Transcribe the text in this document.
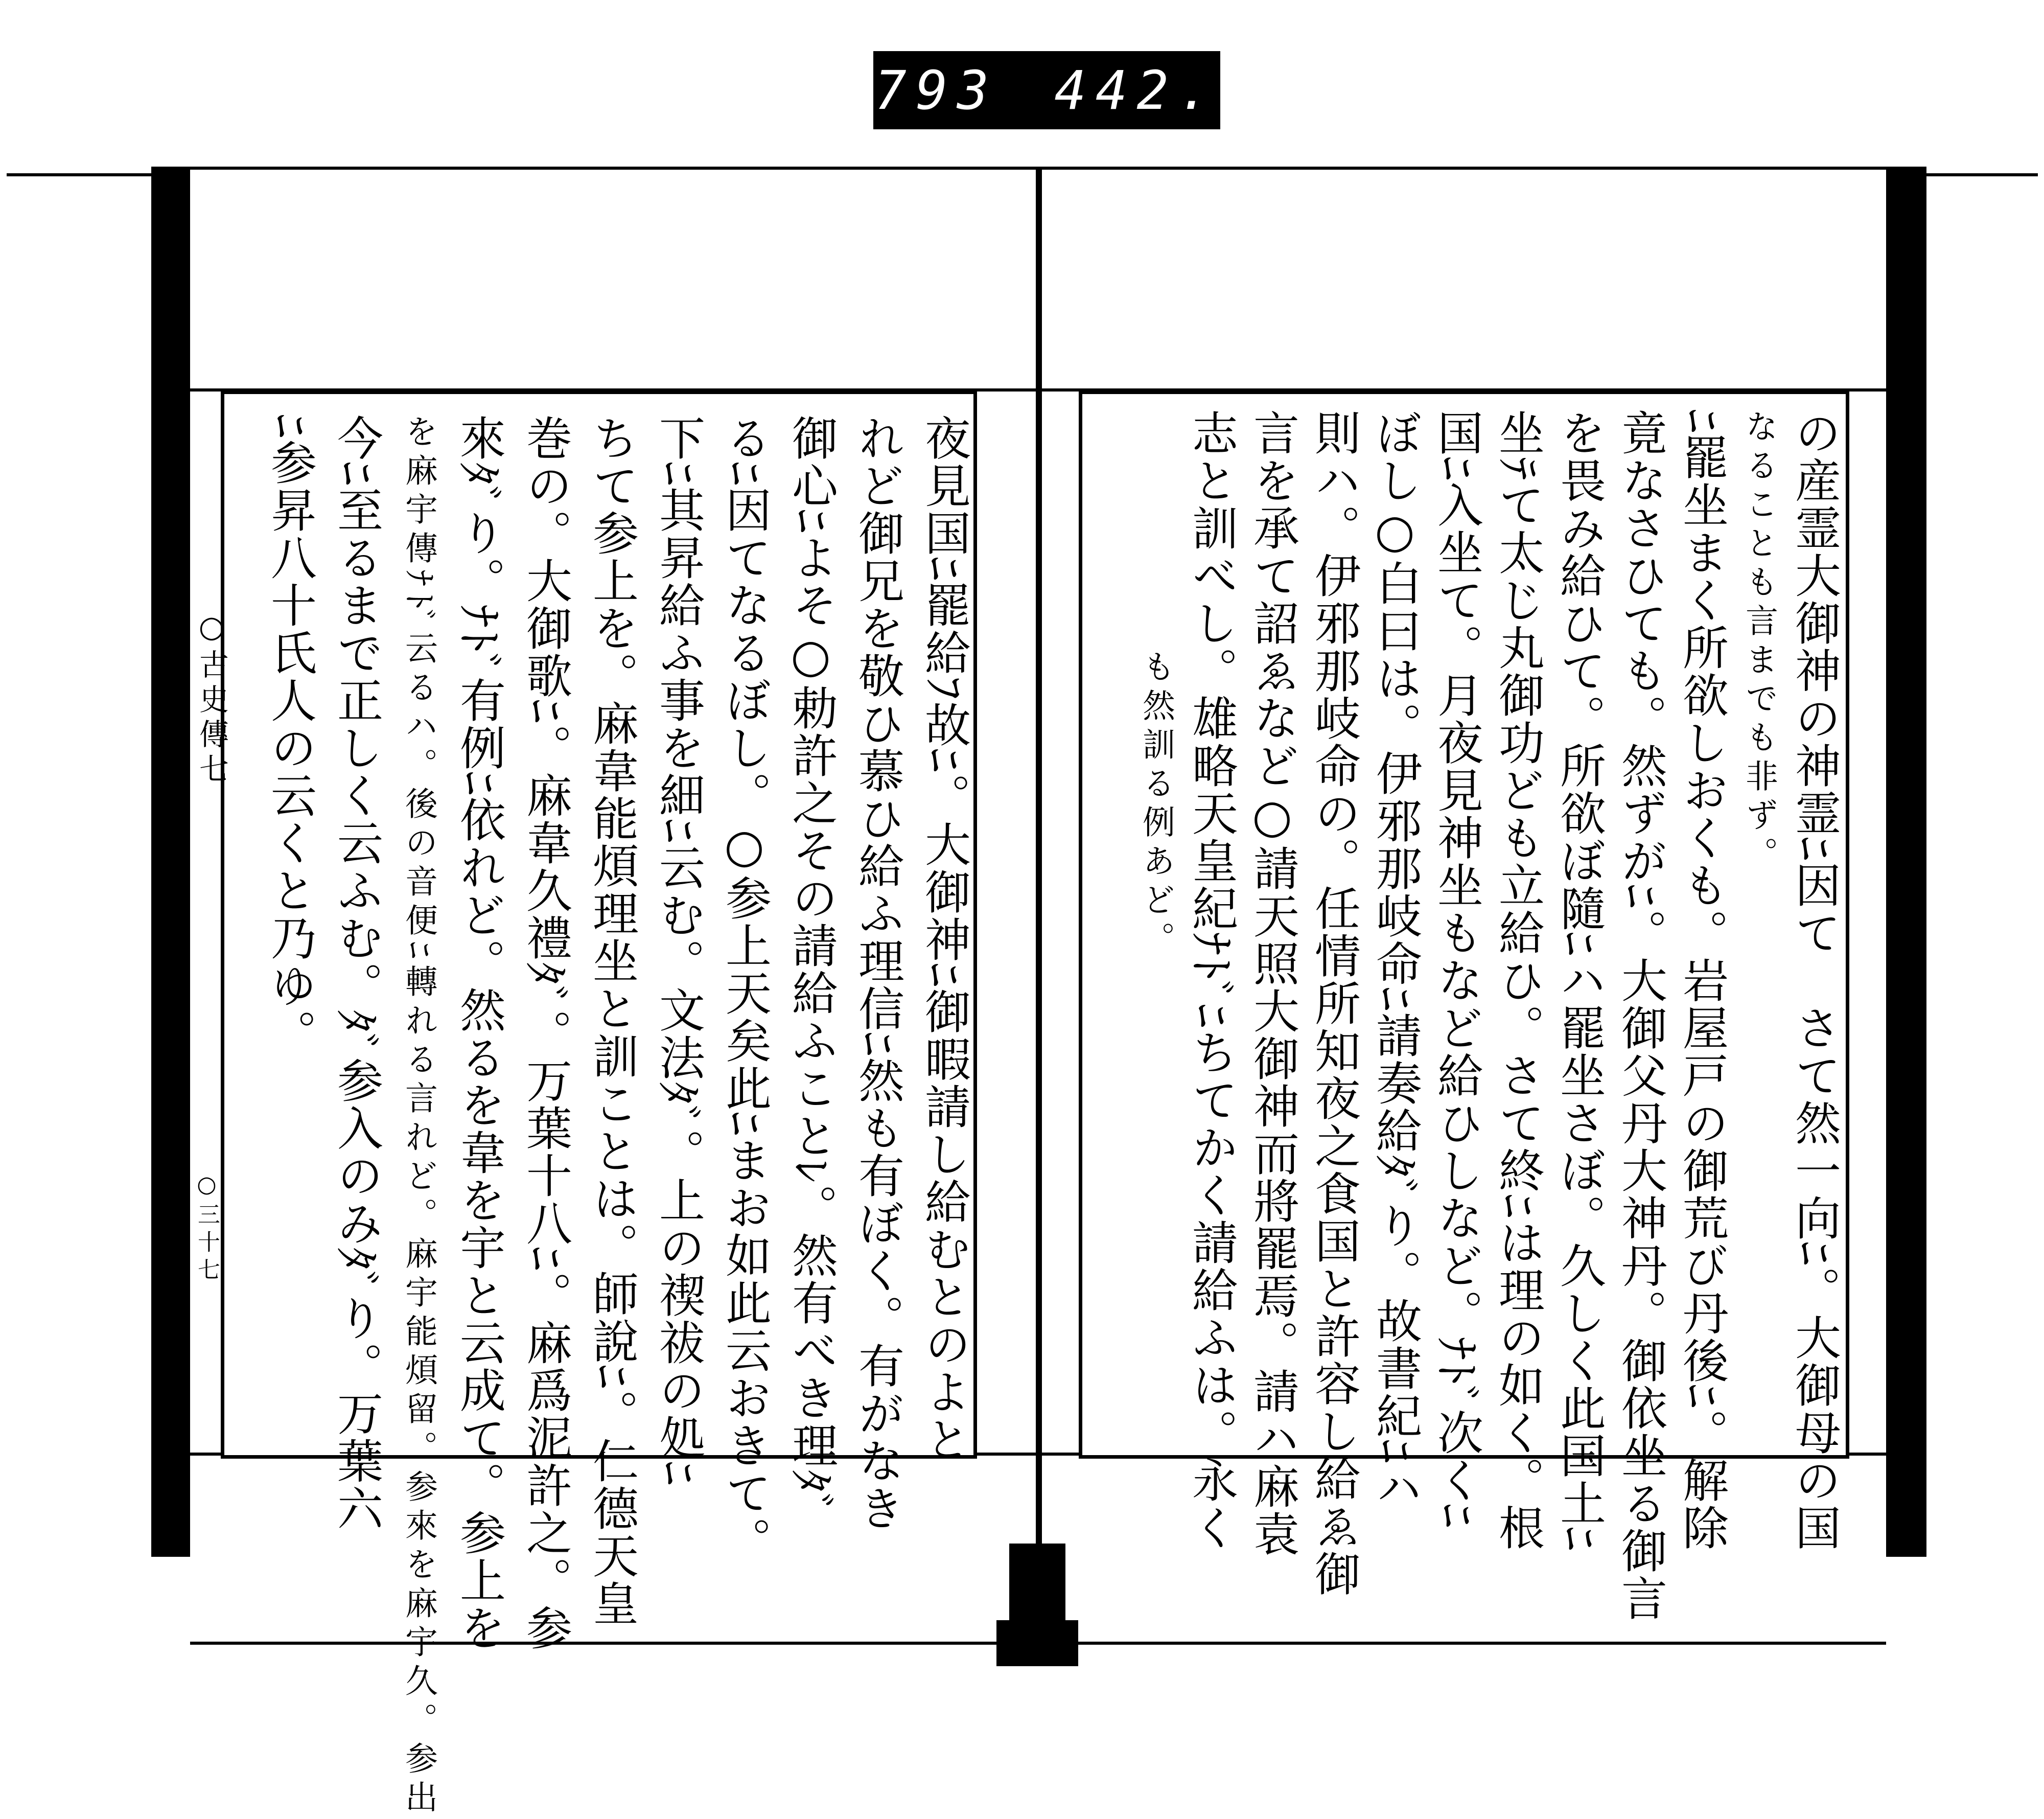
793 442.
夜見国ﾆ罷給ﾌ故ﾆ。大御神ﾆ御暇請し給むとのよと
れど御兄を敬ひ慕ひ給ふ理信ﾆ然も有ぼく。有がなき
御心ﾆよそ○勅許之その請給ふことﾚ。然有べき理ﾀﾞ
るﾆ因てなるぼし。○参上天矣此ﾆまお如此云おきて。
下ﾆ其昇給ふ事を細ﾆ云む。文法ﾀﾞ。上の禊祓の処ﾆ
ちて参上を。麻韋能煩理坐と訓ことは。師說ﾆ。仁德天皇
巻の。大御歌ﾆ。麻韋久禮ﾀﾞ。万葉十八ﾆ。麻爲泥許之。参
來ﾀﾞり。ﾅﾄﾞ有例ﾆ依れど。然るを韋を宇と云成て。参上を
を麻宇傳ﾅﾄﾞ云るハ。後の音便ﾆ轉れる言れど。麻宇能煩留。参來を麻宇久。参出
今ﾆ至るまで正しく云ふむ。ﾀﾞ参入のみﾀﾞり。万葉六
ﾆ参昇八十氏人の云くと乃ゆ。
○古史傳七
○三十七	の産霊大御神の神霊ﾆ因て　さて然一向ﾆ。大御母の国
なることも言までも非ず。
ﾆ罷坐まく所欲しおくも。岩屋戸の御荒び丹後ﾆ。解除
竟なさひても。然ずがﾆ。大御父丹大神丹。御依坐る御言
を畏み給ひて。所欲ぼ隨ﾆハ罷坐さぼ。久しく此国土ﾆ
坐ﾃて太じ丸御功ども立給ひ。さて終ﾆは理の如く。根
国ﾆ入坐て。月夜見神坐もなど給ひしなど。ﾅﾄﾞ次くﾆ
ぼし○白曰は。伊邪那岐命ﾆ請奏給ﾀﾞり。故書紀ﾆハ
則ハ。伊邪那岐命の。任情所知夜之食国と許容し給ゑ御
言を承て詔ゑなど○請天照大御神而將罷焉。請ハ麻袁
志と訓べし。雄略天皇紀ﾅﾄﾞﾆちてかく請給ふは。永く
も然訓る例あど。
